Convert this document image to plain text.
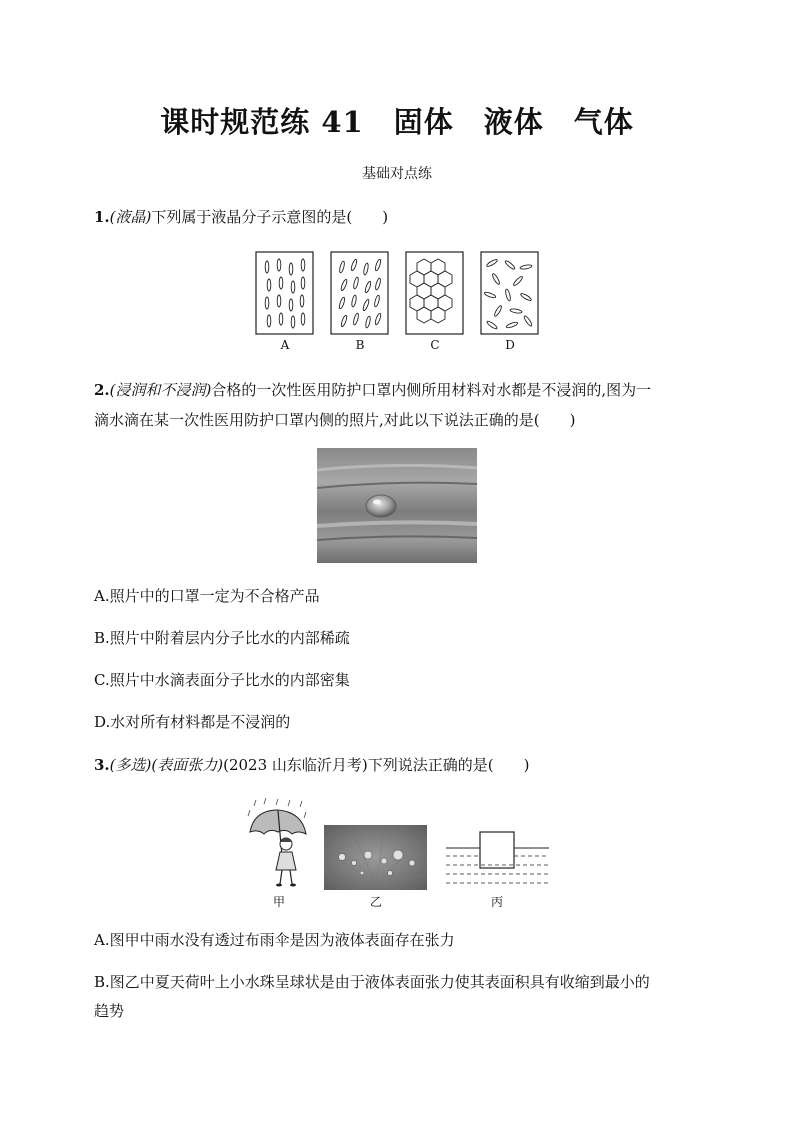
课时规范练 41　固体　液体　气体
基础对点练
1.(液晶)下列属于液晶分子示意图的是(　　)
A	B	C	D
2.(浸润和不浸润)合格的一次性医用防护口罩内侧所用材料对水都是不浸润的,图为一
滴水滴在某一次性医用防护口罩内侧的照片,对此以下说法正确的是(　　)
A.照片中的口罩一定为不合格产品
B.照片中附着层内分子比水的内部稀疏
C.照片中水滴表面分子比水的内部密集
D.水对所有材料都是不浸润的
3.(多选)(表面张力)(2023 山东临沂月考)下列说法正确的是(　　)
甲	乙	丙
A.图甲中雨水没有透过布雨伞是因为液体表面存在张力
B.图乙中夏天荷叶上小水珠呈球状是由于液体表面张力使其表面积具有收缩到最小的
趋势
